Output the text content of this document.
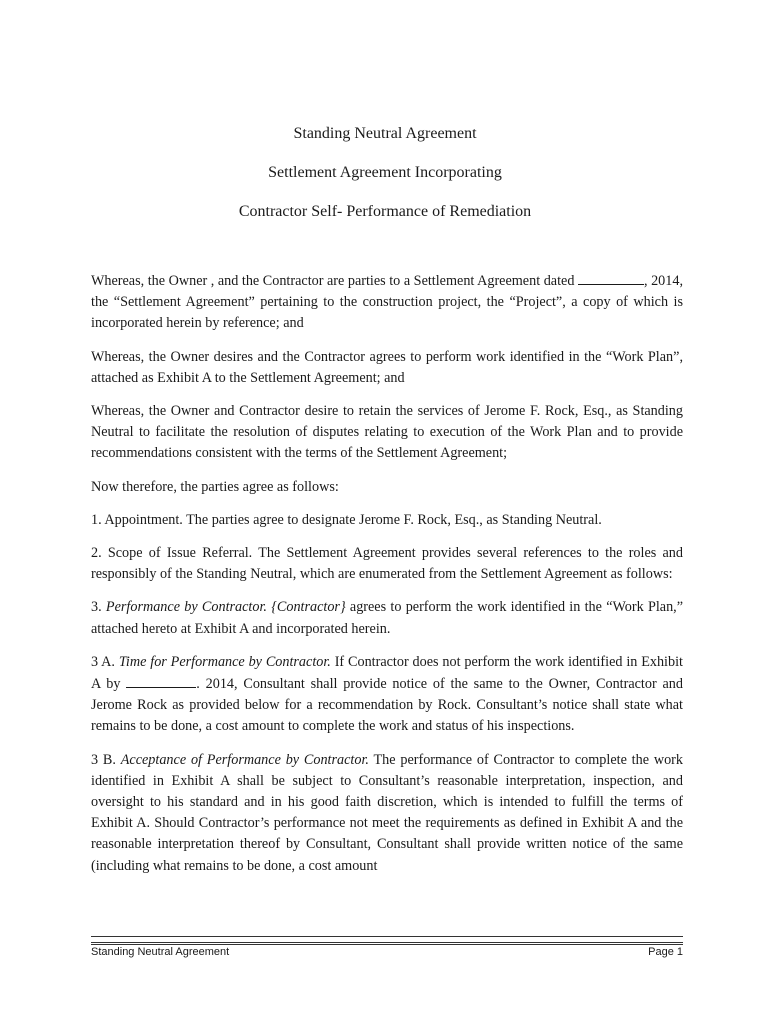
Standing Neutral Agreement
Settlement Agreement Incorporating
Contractor Self- Performance of Remediation

Whereas, the Owner , and the Contractor are parties to a Settlement Agreement dated	, 2014, the “Settlement Agreement” pertaining to the construction project, the “Project”, a copy of which is incorporated herein by reference; and

Whereas, the Owner desires and the Contractor agrees to perform work identified in the “Work Plan”, attached as Exhibit A to the Settlement Agreement; and

Whereas, the Owner and Contractor desire to retain the services of Jerome F. Rock, Esq., as Standing Neutral to facilitate the resolution of disputes relating to execution of the Work Plan and to provide recommendations consistent with the terms of the Settlement Agreement;

Now therefore, the parties agree as follows:

1. Appointment. The parties agree to designate Jerome F. Rock, Esq., as Standing Neutral.

2. Scope of Issue Referral. The Settlement Agreement provides several references to the roles and responsibly of the Standing Neutral, which are enumerated from the Settlement Agreement as follows:

3. Performance by Contractor. {Contractor} agrees to perform the work identified in the “Work Plan,” attached hereto at Exhibit A and incorporated herein.

3 A. Time for Performance by Contractor. If Contractor does not perform the work identified in Exhibit A by	. 2014, Consultant shall provide notice of the same to the Owner, Contractor and Jerome Rock as provided below for a recommendation by Rock. Consultant’s notice shall state what remains to be done, a cost amount to complete the work and status of his inspections.

3 B. Acceptance of Performance by Contractor. The performance of Contractor to complete the work identified in Exhibit A shall be subject to Consultant’s reasonable interpretation, inspection, and oversight to his standard and in his good faith discretion, which is intended to fulfill the terms of Exhibit A. Should Contractor’s performance not meet the requirements as defined in Exhibit A and the reasonable interpretation thereof by Consultant, Consultant shall provide written notice of the same (including what remains to be done, a cost amount

Standing Neutral Agreement	Page 1
